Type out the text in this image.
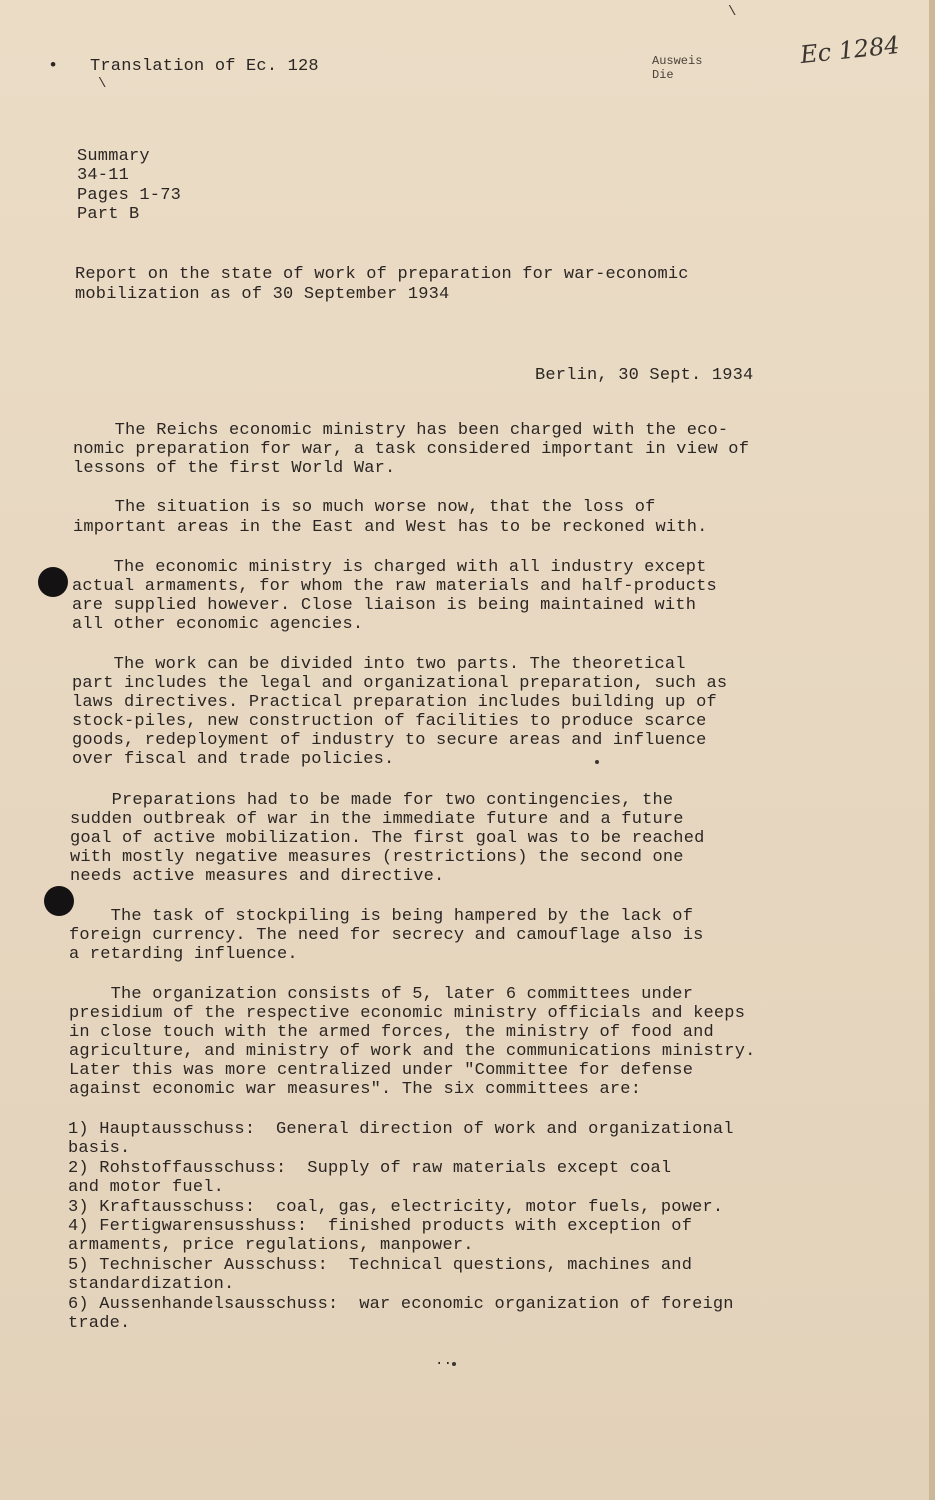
• Translation of Ec. 128
\
Ausweis
Die
Ec 1284
\
Summary
34-11
Pages 1-73
Part B
Report on the state of work of preparation for war-economic
mobilization as of 30 September 1934
Berlin, 30 Sept. 1934
The Reichs economic ministry has been charged with the eco-
nomic preparation for war, a task considered important in view of
lessons of the first World War.
The situation is so much worse now, that the loss of
important areas in the East and West has to be reckoned with.
The economic ministry is charged with all industry except
actual armaments, for whom the raw materials and half-products
are supplied however. Close liaison is being maintained with
all other economic agencies.
The work can be divided into two parts. The theoretical
part includes the legal and organizational preparation, such as
laws directives. Practical preparation includes building up of
stock-piles, new construction of facilities to produce scarce
goods, redeployment of industry to secure areas and influence
over fiscal and trade policies.
Preparations had to be made for two contingencies, the
sudden outbreak of war in the immediate future and a future
goal of active mobilization. The first goal was to be reached
with mostly negative measures (restrictions) the second one
needs active measures and directive.
The task of stockpiling is being hampered by the lack of
foreign currency. The need for secrecy and camouflage also is
a retarding influence.
The organization consists of 5, later 6 committees under
presidium of the respective economic ministry officials and keeps
in close touch with the armed forces, the ministry of food and
agriculture, and ministry of work and the communications ministry.
Later this was more centralized under "Committee for defense
against economic war measures". The six committees are:
1) Hauptausschuss:  General direction of work and organizational
basis.
2) Rohstoffausschuss:  Supply of raw materials except coal
and motor fuel.
3) Kraftausschuss:  coal, gas, electricity, motor fuels, power.
4) Fertigwarensusshuss:  finished products with exception of
armaments, price regulations, manpower.
5) Technischer Ausschuss:  Technical questions, machines and
standardization.
6) Aussenhandelsausschuss:  war economic organization of foreign
trade.
..
